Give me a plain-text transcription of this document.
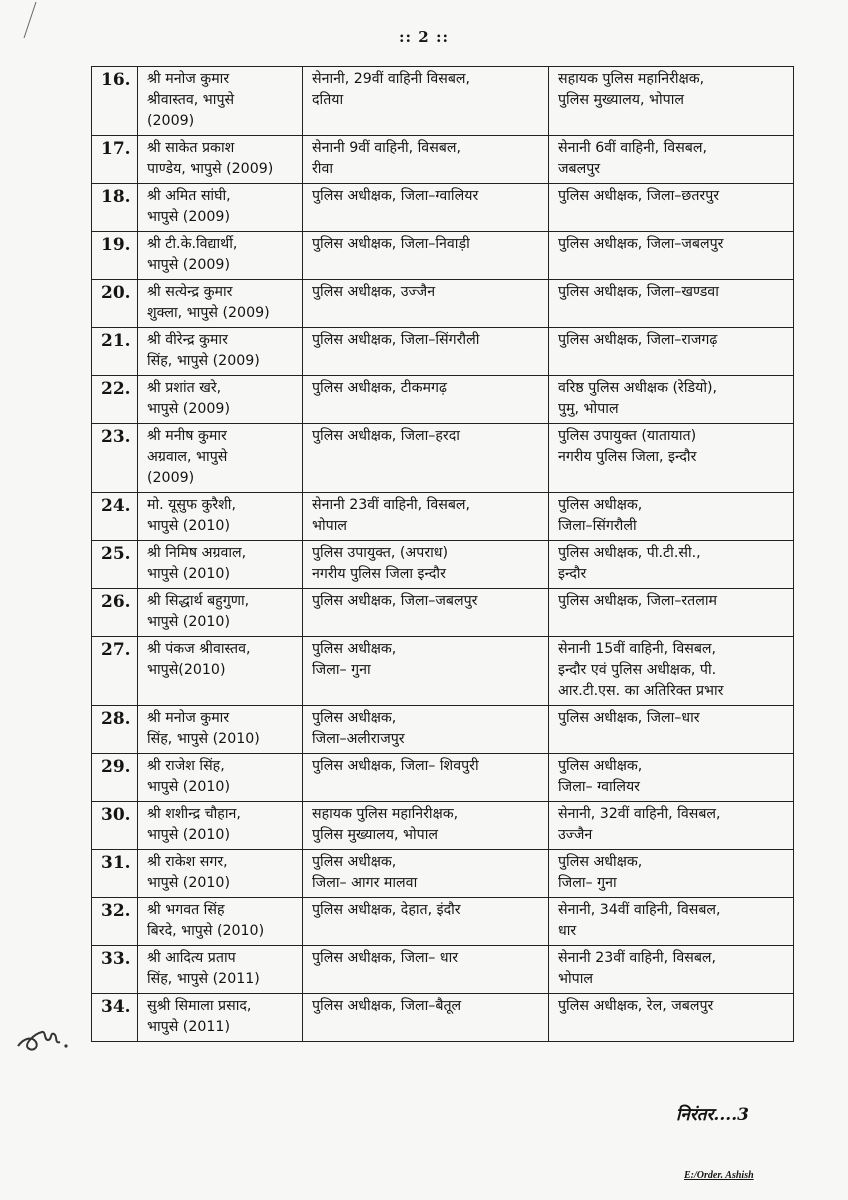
:: 2 ::
16.	श्री मनोज कुमार
श्रीवास्तव, भापुसे
(2009)	सेनानी, 29वीं वाहिनी विसबल,
दतिया	सहायक पुलिस महानिरीक्षक,
पुलिस मुख्यालय, भोपाल

17.	श्री साकेत प्रकाश
पाण्डेय, भापुसे (2009)	सेनानी 9वीं वाहिनी, विसबल,
रीवा	सेनानी 6वीं वाहिनी, विसबल,
जबलपुर

18.	श्री अमित सांघी,
भापुसे (2009)	पुलिस अधीक्षक, जिला–ग्वालियर	पुलिस अधीक्षक, जिला–छतरपुर

19.	श्री टी.के.विद्यार्थी,
भापुसे (2009)	पुलिस अधीक्षक, जिला–निवाड़ी	पुलिस अधीक्षक, जिला–जबलपुर

20.	श्री सत्येन्द्र कुमार
शुक्ला, भापुसे (2009)	पुलिस अधीक्षक, उज्जैन	पुलिस अधीक्षक, जिला–खण्डवा

21.	श्री वीरेन्द्र कुमार
सिंह, भापुसे (2009)	पुलिस अधीक्षक, जिला–सिंगरौली	पुलिस अधीक्षक, जिला–राजगढ़

22.	श्री प्रशांत खरे,
भापुसे (2009)	पुलिस अधीक्षक, टीकमगढ़	वरिष्ठ पुलिस अधीक्षक (रेडियो),
पुमु, भोपाल

23.	श्री मनीष कुमार
अग्रवाल, भापुसे
(2009)	पुलिस अधीक्षक, जिला–हरदा	पुलिस उपायुक्त (यातायात)
नगरीय पुलिस जिला, इन्दौर

24.	मो. यूसुफ कुरैशी,
भापुसे (2010)	सेनानी 23वीं वाहिनी, विसबल,
भोपाल	पुलिस अधीक्षक,
जिला–सिंगरौली

25.	श्री निमिष अग्रवाल,
भापुसे (2010)	पुलिस उपायुक्त, (अपराध)
नगरीय पुलिस जिला इन्दौर	पुलिस अधीक्षक, पी.टी.सी.,
इन्दौर

26.	श्री सिद्धार्थ बहुगुणा,
भापुसे (2010)	पुलिस अधीक्षक, जिला–जबलपुर	पुलिस अधीक्षक, जिला–रतलाम

27.	श्री पंकज श्रीवास्तव,
भापुसे(2010)	पुलिस अधीक्षक,
जिला– गुना	सेनानी 15वीं वाहिनी, विसबल,
इन्दौर एवं पुलिस अधीक्षक, पी.
आर.टी.एस. का अतिरिक्त प्रभार

28.	श्री मनोज कुमार
सिंह, भापुसे (2010)	पुलिस अधीक्षक,
जिला–अलीराजपुर	पुलिस अधीक्षक, जिला–धार

29.	श्री राजेश सिंह,
भापुसे (2010)	पुलिस अधीक्षक, जिला– शिवपुरी	पुलिस अधीक्षक,
जिला– ग्वालियर

30.	श्री शशीन्द्र चौहान,
भापुसे (2010)	सहायक पुलिस महानिरीक्षक,
पुलिस मुख्यालय, भोपाल	सेनानी, 32वीं वाहिनी, विसबल,
उज्जैन

31.	श्री राकेश सगर,
भापुसे (2010)	पुलिस अधीक्षक,
जिला– आगर मालवा	पुलिस अधीक्षक,
जिला– गुना

32.	श्री भगवत सिंह
बिरदे, भापुसे (2010)	पुलिस अधीक्षक, देहात, इंदौर	सेनानी, 34वीं वाहिनी, विसबल,
धार

33.	श्री आदित्य प्रताप
सिंह, भापुसे (2011)	पुलिस अधीक्षक, जिला– धार	सेनानी 23वीं वाहिनी, विसबल,
भोपाल

34.	सुश्री सिमाला प्रसाद,
भापुसे (2011)	पुलिस अधीक्षक, जिला–बैतूल	पुलिस अधीक्षक, रेल, जबलपुर
निरंतर....3
E:/Order. Ashish
